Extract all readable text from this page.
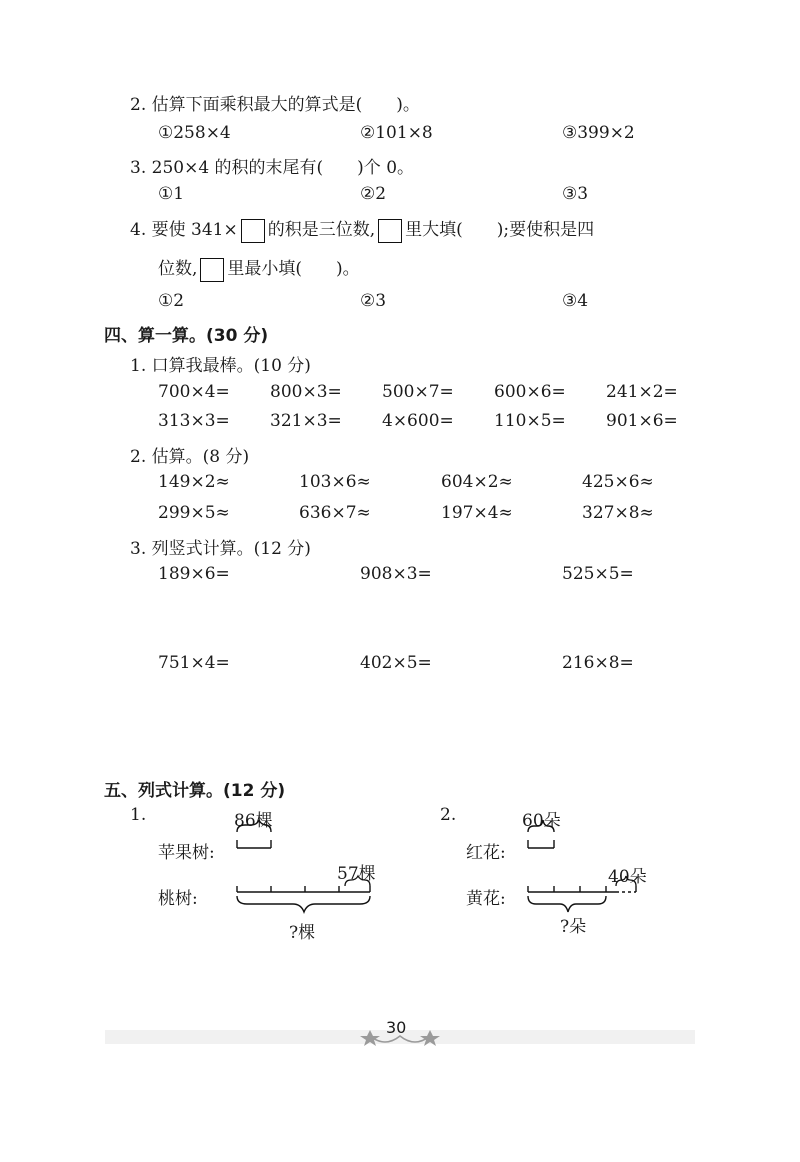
2. 估算下面乘积最大的算式是(　　)。
①258×4	②101×8	③399×2
3. 250×4 的积的末尾有(　　)个 0。
①1	②2	③3
4. 要使 341× 的积是三位数, 里大填(　　);要使积是四
位数, 里最小填(　　)。
①2	②3	③4
四、算一算。(30 分)
1. 口算我最棒。(10 分)
700×4= 800×3= 500×7= 600×6= 241×2=
313×3= 321×3= 4×600= 110×5= 901×6=
2. 估算。(8 分)
149×2≈	103×6≈	604×2≈	425×6≈
299×5≈	636×7≈	197×4≈	327×8≈
3. 列竖式计算。(12 分)
189×6=	908×3=	525×5=
751×4=	402×5=	216×8=
五、列式计算。(12 分)
1.	86棵
苹果树:
57棵
桃树:
?棵
2.	60朵
红花:
40朵
黄花:
?朵
30
